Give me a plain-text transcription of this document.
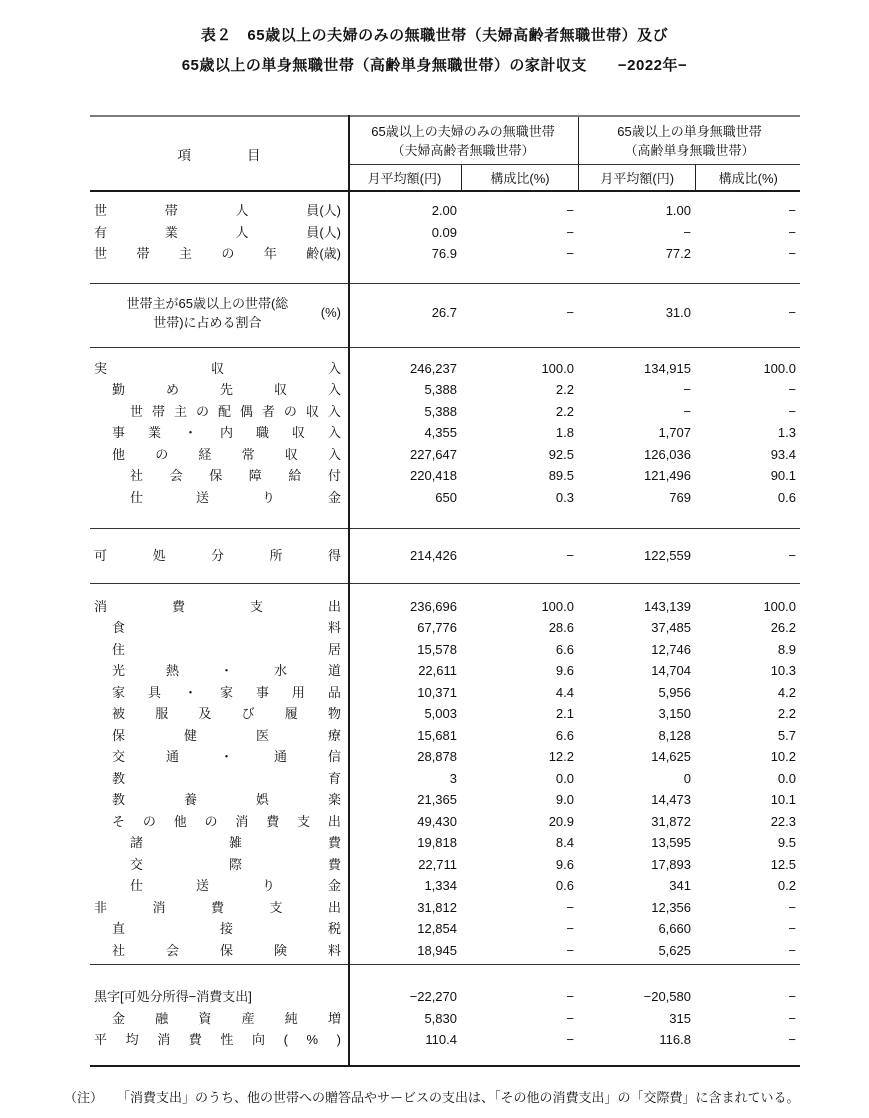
表２　65歳以上の夫婦のみの無職世帯（夫婦高齢者無職世帯）及び
65歳以上の単身無職世帯（高齢単身無職世帯）の家計収支　　−2022年−
項	目
65歳以上の夫婦のみの無職世帯
（夫婦高齢者無職世帯）
月平均額(円)	構成比(%)
65歳以上の単身無職世帯
（高齢単身無職世帯）
月平均額(円)	構成比(%)
世	帯	人	員 (人)	2.00	−	1.00	−
有	業	人	員 (人)	0.09	−	−	−
世 帯 主 の 年 齢 (歳)	76.9	−	77.2	−
世帯主が65歳以上の世帯(総
世帯)に占める割合
(%)	26.7	−	31.0	−
実	収	入	246,237	100.0	134,915	100.0
勤	め	先	収	入	5,388	2.2	−	−
世 帯 主 の 配 偶 者 の 収 入	5,388	2.2	−	−
事 業 ・ 内 職 収 入	4,355	1.8	1,707	1.3
他 の 経 常 収 入	227,647	92.5	126,036	93.4
社 会 保 障 給 付	220,418	89.5	121,496	90.1
仕	送	り	金	650	0.3	769	0.6
可	処	分	所	得	214,426	−	122,559	−
消	費	支	出	236,696	100.0	143,139	100.0
食	料	67,776	28.6	37,485	26.2
住	居	15,578	6.6	12,746	8.9
光	熱	・	水	道	22,611	9.6	14,704	10.3
家 具 ・ 家 事 用 品	10,371	4.4	5,956	4.2
被 服 及 び 履 物	5,003	2.1	3,150	2.2
保	健	医	療	15,681	6.6	8,128	5.7
交	通	・	通	信	28,878	12.2	14,625	10.2
教	育	3	0.0	0	0.0
教	養	娯	楽	21,365	9.0	14,473	10.1
そ の 他 の 消 費 支 出	49,430	20.9	31,872	22.3
諸	雑	費	19,818	8.4	13,595	9.5
交	際	費	22,711	9.6	17,893	12.5
仕	送	り	金	1,334	0.6	341	0.2
非	消	費	支	出	31,812	−	12,356	−
直	接	税	12,854	−	6,660	−
社	会	保	険	料	18,945	−	5,625	−
黒字[可処分所得−消費支出]	−22,270	−	−20,580	−
金 融 資 産 純 増	5,830	−	315	−
平 均 消 費 性 向 ( % )	110.4	−	116.8	−
（注） 「消費支出」のうち、他の世帯への贈答品やサービスの支出は、「その他の消費支出」の「交際費」に含まれている。
